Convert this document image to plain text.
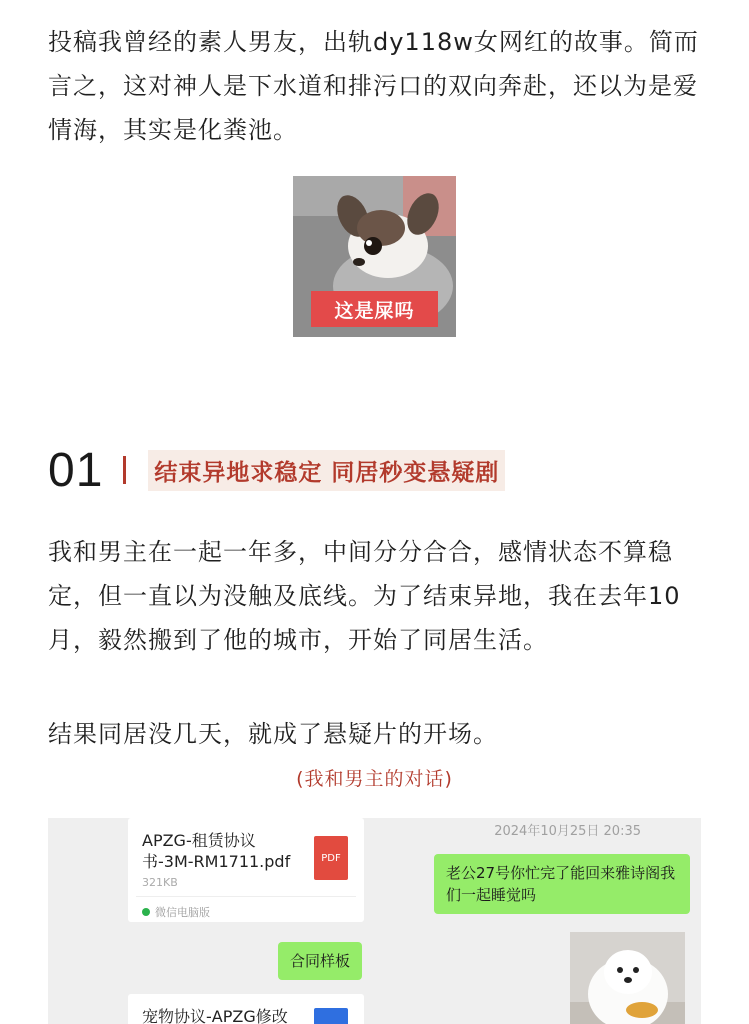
投稿我曾经的素人男友，出轨dy118w女网红的故事。简而言之，这对神人是下水道和排污口的双向奔赴，还以为是爱情海，其实是化粪池。

这是屎吗
01 结束异地求稳定 同居秒变悬疑剧

我和男主在一起一年多，中间分分合合，感情状态不算稳定，但一直以为没触及底线。为了结束异地，我在去年10月，毅然搬到了他的城市，开始了同居生活。

结果同居没几天，就成了悬疑片的开场。

(我和男主的对话)
2024年10月25日 20:35
APZG-租赁协议书-3M-RM1711.pdf
321KB
PDF
微信电脑版
合同样板
宠物协议-APZG修改
老公27号你忙完了能回来雅诗阁我们一起睡觉吗
